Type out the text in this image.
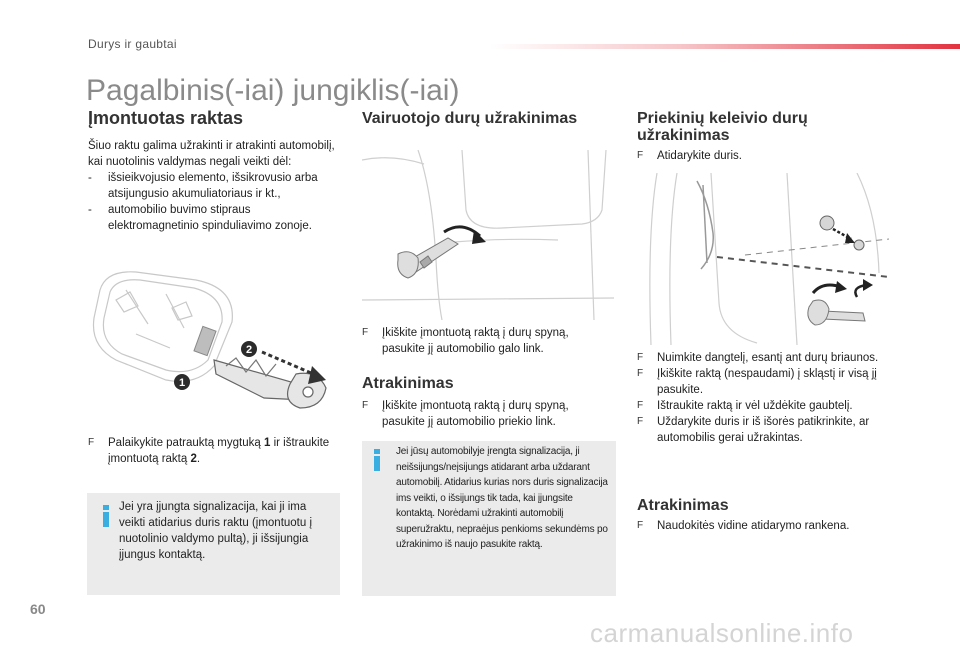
Durys ir gaubtai
Pagalbinis(-iai) jungiklis(-iai)
Įmontuotas raktas
Šiuo raktu galima užrakinti ir atrakinti automobilį, kai nuotolinis valdymas negali veikti dėl:
- išsieikvojusio elemento, išsikrovusio arba atsijungusio akumuliatoriaus ir kt.,
- automobilio buvimo stipraus elektromagnetinio spinduliavimo zonoje.
2
1
F	Palaikykite patrauktą mygtuką 1 ir ištraukite įmontuotą raktą 2.
Jei yra įjungta signalizacija, kai ji ima veikti atidarius duris raktu (įmontuotu į nuotolinio valdymo pultą), ji išsijungia įjungus kontaktą.
Vairuotojo durų užrakinimas
F	Įkiškite įmontuotą raktą į durų spyną, pasukite jį automobilio galo link.
Atrakinimas
F	Įkiškite įmontuotą raktą į durų spyną, pasukite jį automobilio priekio link.
Jei jūsų automobilyje įrengta signalizacija, ji neišsijungs/neįsijungs atidarant arba uždarant automobilį. Atidarius kurias nors duris signalizacija ims veikti, o išsijungs tik tada, kai įjungsite kontaktą. Norėdami užrakinti automobilį superužraktu, nepraėjus penkioms sekundėms po užrakinimo iš naujo pasukite raktą.
Priekinių keleivio durų užrakinimas
F	Atidarykite duris.
F	Nuimkite dangtelį, esantį ant durų briaunos.
F	Įkiškite raktą (nespaudami) į skląstį ir visą jį pasukite.
F	Ištraukite raktą ir vėl uždėkite gaubtelį.
F	Uždarykite duris ir iš išorės patikrinkite, ar automobilis gerai užrakintas.
Atrakinimas
F	Naudokitės vidine atidarymo rankena.
60
carmanualsonline.info
